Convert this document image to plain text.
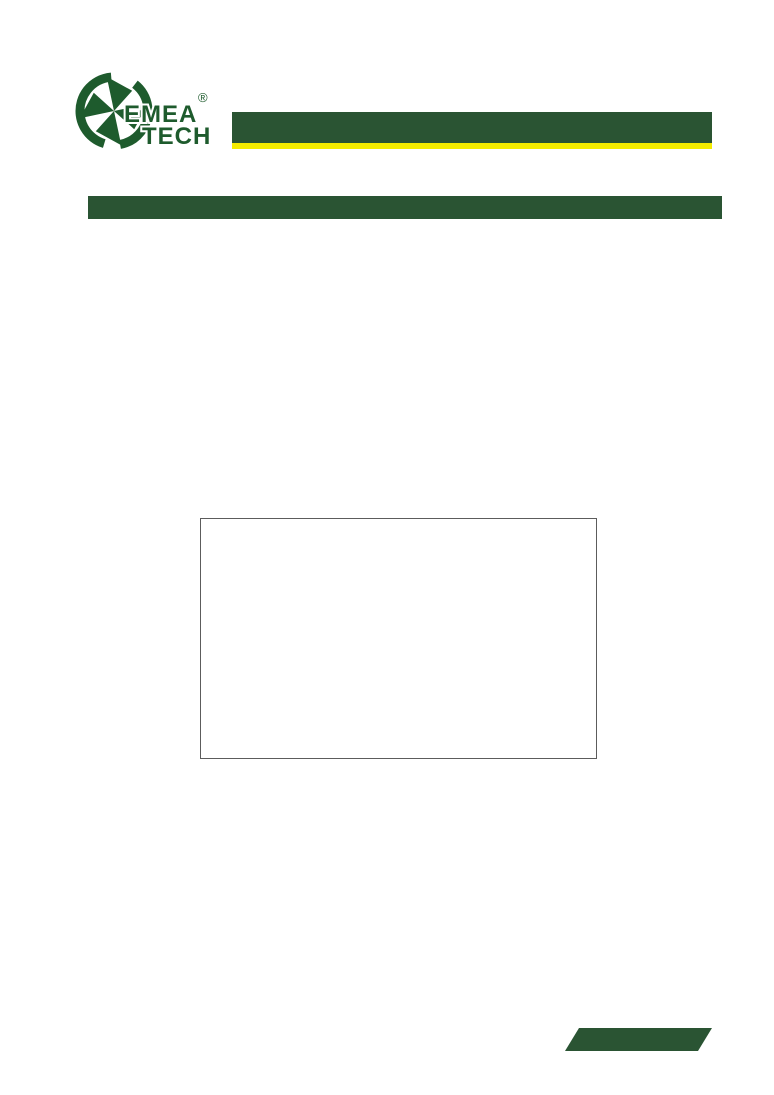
EMEA
TECH
®
